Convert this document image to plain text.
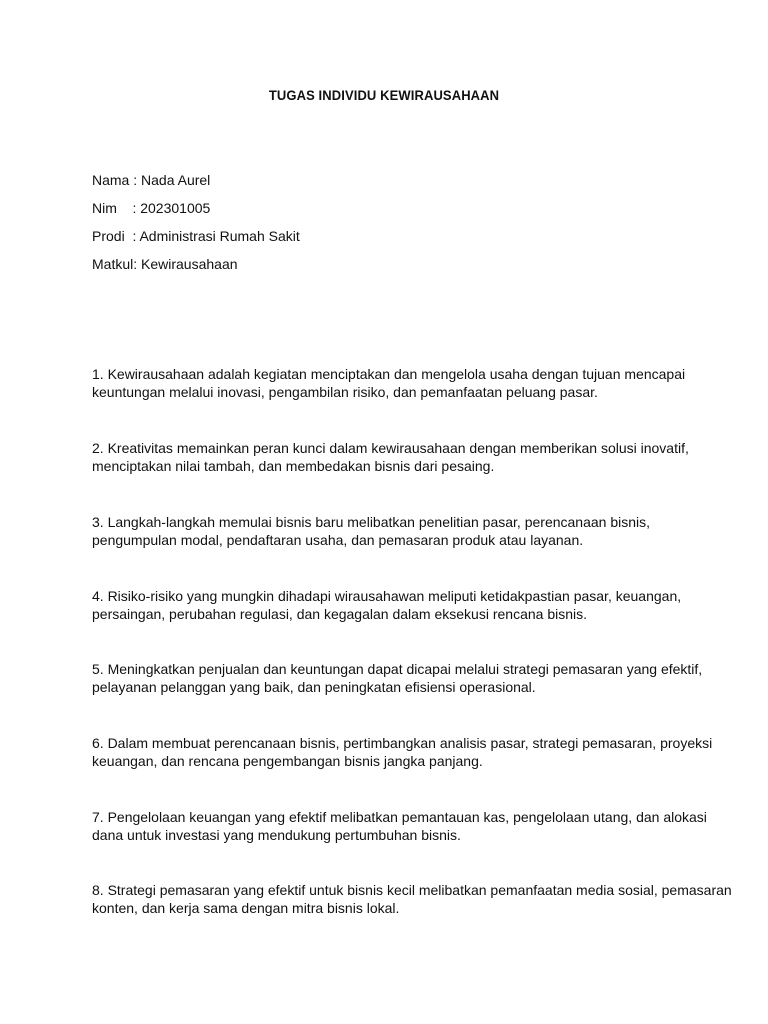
TUGAS INDIVIDU KEWIRAUSAHAAN
Nama : Nada Aurel
Nim    : 202301005
Prodi  : Administrasi Rumah Sakit
Matkul: Kewirausahaan
1. Kewirausahaan adalah kegiatan menciptakan dan mengelola usaha dengan tujuan mencapai
keuntungan melalui inovasi, pengambilan risiko, dan pemanfaatan peluang pasar.
2. Kreativitas memainkan peran kunci dalam kewirausahaan dengan memberikan solusi inovatif,
menciptakan nilai tambah, dan membedakan bisnis dari pesaing.
3. Langkah-langkah memulai bisnis baru melibatkan penelitian pasar, perencanaan bisnis,
pengumpulan modal, pendaftaran usaha, dan pemasaran produk atau layanan.
4. Risiko-risiko yang mungkin dihadapi wirausahawan meliputi ketidakpastian pasar, keuangan,
persaingan, perubahan regulasi, dan kegagalan dalam eksekusi rencana bisnis.
5. Meningkatkan penjualan dan keuntungan dapat dicapai melalui strategi pemasaran yang efektif,
pelayanan pelanggan yang baik, dan peningkatan efisiensi operasional.
6. Dalam membuat perencanaan bisnis, pertimbangkan analisis pasar, strategi pemasaran, proyeksi
keuangan, dan rencana pengembangan bisnis jangka panjang.
7. Pengelolaan keuangan yang efektif melibatkan pemantauan kas, pengelolaan utang, dan alokasi
dana untuk investasi yang mendukung pertumbuhan bisnis.
8. Strategi pemasaran yang efektif untuk bisnis kecil melibatkan pemanfaatan media sosial, pemasaran
konten, dan kerja sama dengan mitra bisnis lokal.
